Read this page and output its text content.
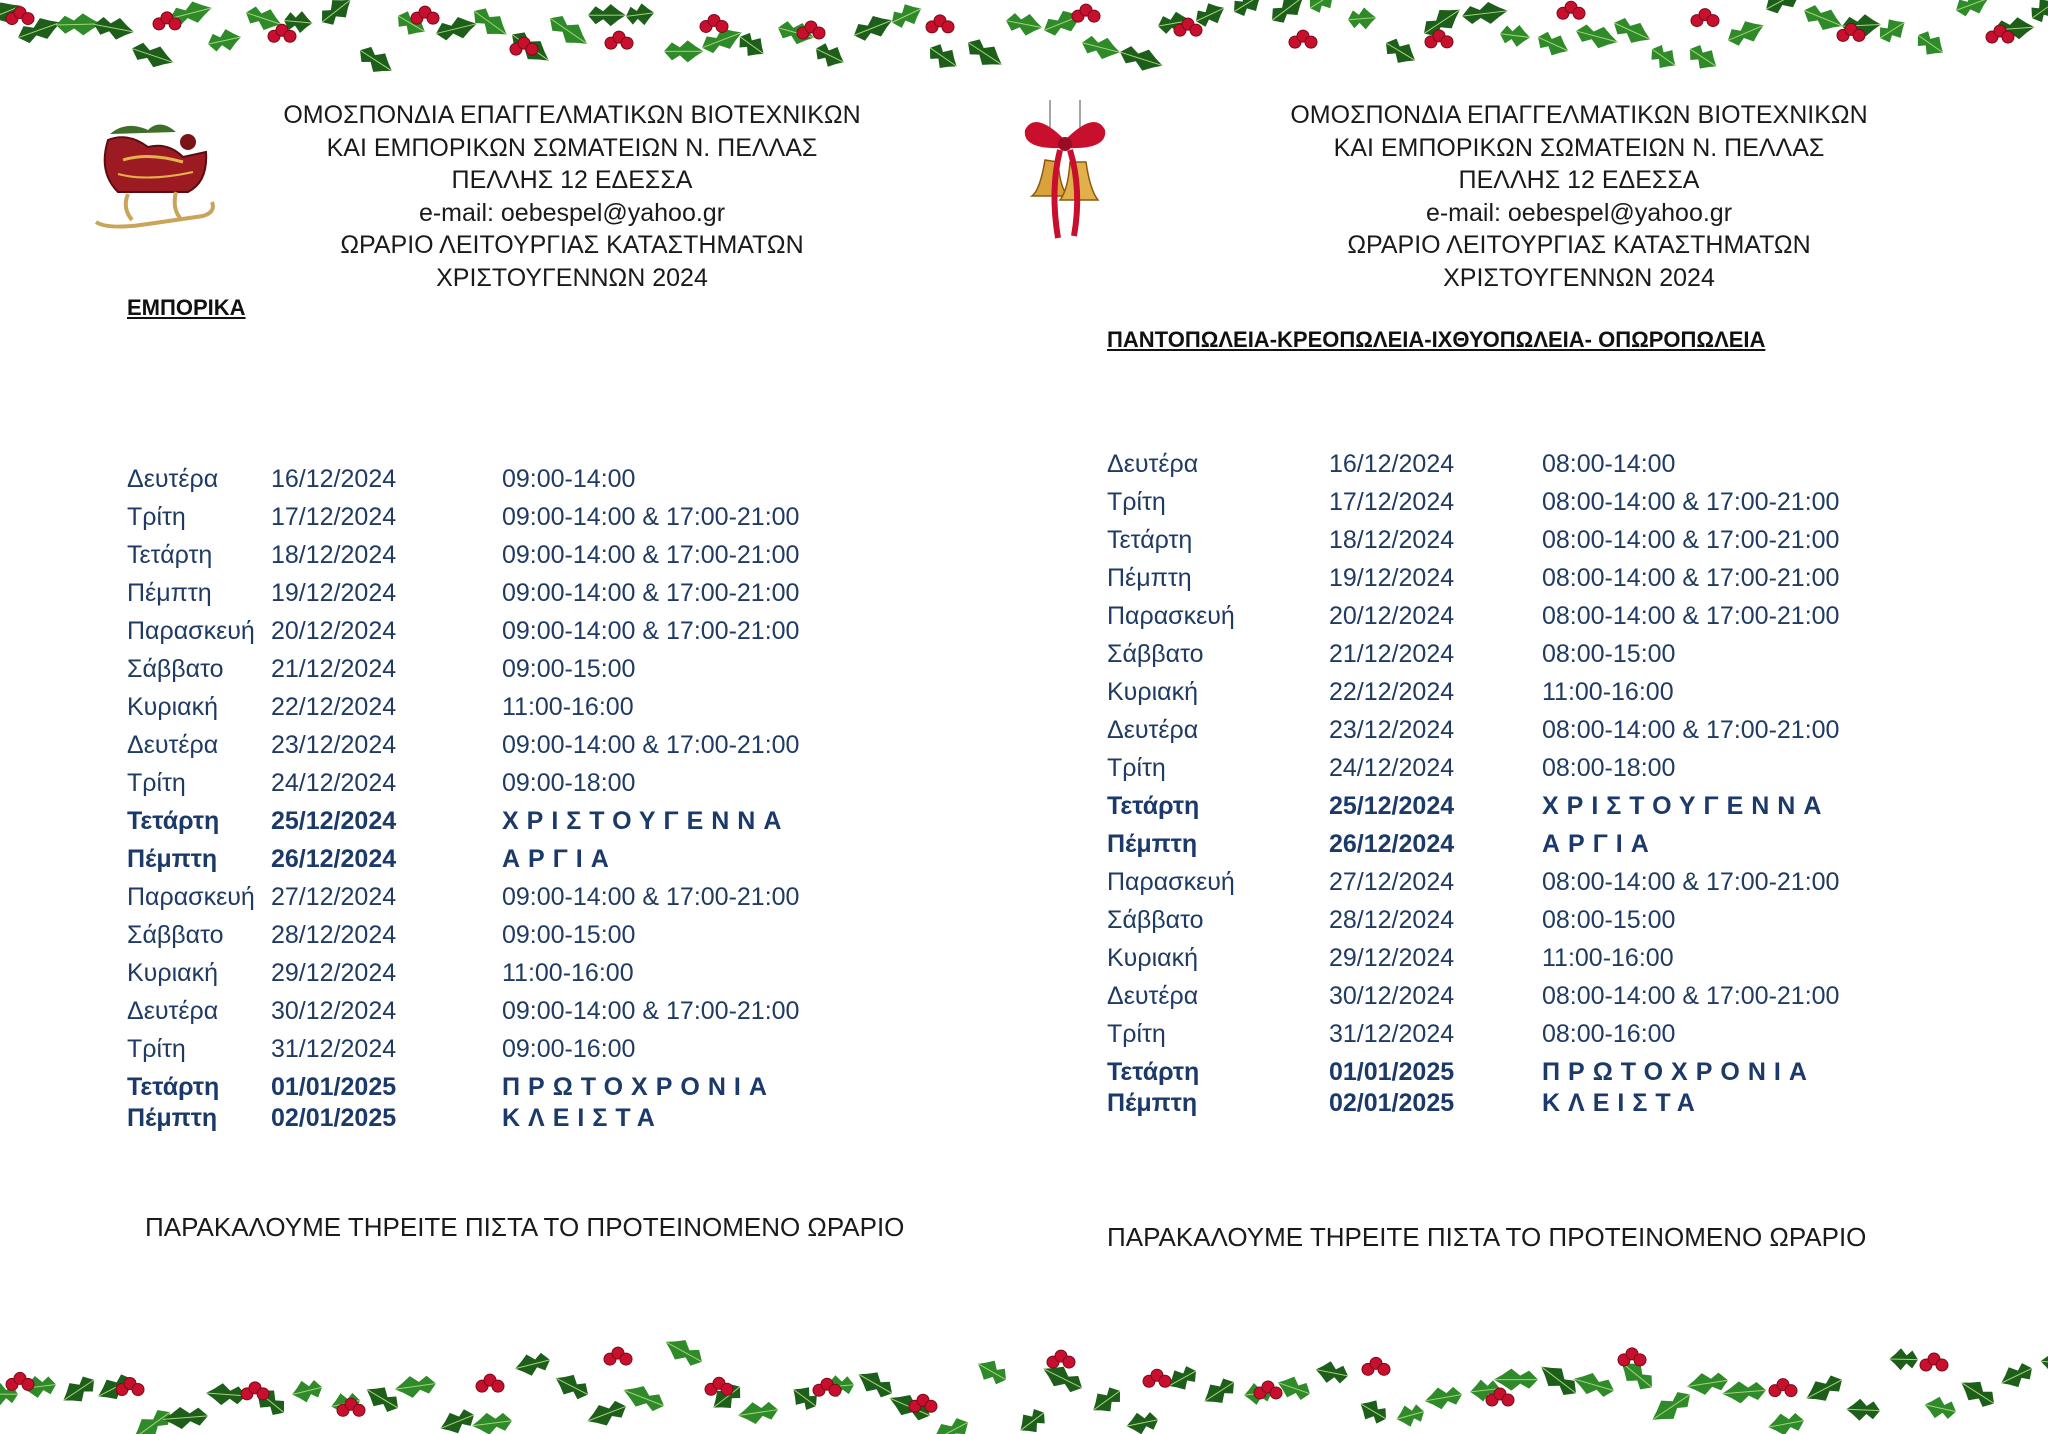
ΟΜΟΣΠΟΝΔΙΑ ΕΠΑΓΓΕΛΜΑΤΙΚΩΝ ΒΙΟΤΕΧΝΙΚΩΝ
ΚΑΙ ΕΜΠΟΡΙΚΩΝ ΣΩΜΑΤΕΙΩΝ Ν. ΠΕΛΛΑΣ
ΠΕΛΛΗΣ 12 ΕΔΕΣΣΑ
e-mail: oebespel@yahoo.gr
ΩΡΑΡΙΟ ΛΕΙΤΟΥΡΓΙΑΣ ΚΑΤΑΣΤΗΜΑΤΩΝ
ΧΡΙΣΤΟΥΓΕΝΝΩΝ 2024
ΕΜΠΟΡΙΚΑ
Δευτέρα 16/12/2024	09:00-14:00
Τρίτη	17/12/2024	09:00-14:00 & 17:00-21:00
Τετάρτη 18/12/2024	09:00-14:00 & 17:00-21:00
Πέμπτη 19/12/2024	09:00-14:00 & 17:00-21:00
Παρασκευή 20/12/2024	09:00-14:00 & 17:00-21:00
Σάββατο 21/12/2024	09:00-15:00
Κυριακή 22/12/2024	11:00-16:00
Δευτέρα 23/12/2024	09:00-14:00 & 17:00-21:00
Τρίτη	24/12/2024	09:00-18:00
Τετάρτη 25/12/2024	ΧΡΙΣΤΟΥΓΕΝΝΑ
Πέμπτη 26/12/2024	ΑΡΓΙΑ
Παρασκευή 27/12/2024	09:00-14:00 & 17:00-21:00
Σάββατο 28/12/2024	09:00-15:00
Κυριακή 29/12/2024	11:00-16:00
Δευτέρα 30/12/2024	09:00-14:00 & 17:00-21:00
Τρίτη	31/12/2024	09:00-16:00
Τετάρτη 01/01/2025	ΠΡΩΤΟΧΡΟΝΙΑ
Πέμπτη 02/01/2025	ΚΛΕΙΣΤΑ
ΠΑΡΑΚΑΛΟΥΜΕ ΤΗΡΕΙΤΕ ΠΙΣΤΑ ΤΟ ΠΡΟΤΕΙΝΟΜΕΝΟ ΩΡΑΡΙΟ
ΟΜΟΣΠΟΝΔΙΑ ΕΠΑΓΓΕΛΜΑΤΙΚΩΝ ΒΙΟΤΕΧΝΙΚΩΝ
ΚΑΙ ΕΜΠΟΡΙΚΩΝ ΣΩΜΑΤΕΙΩΝ Ν. ΠΕΛΛΑΣ
ΠΕΛΛΗΣ 12 ΕΔΕΣΣΑ
e-mail: oebespel@yahoo.gr
ΩΡΑΡΙΟ ΛΕΙΤΟΥΡΓΙΑΣ ΚΑΤΑΣΤΗΜΑΤΩΝ
ΧΡΙΣΤΟΥΓΕΝΝΩΝ 2024
ΠΑΝΤΟΠΩΛΕΙΑ-ΚΡΕΟΠΩΛΕΙΑ-ΙΧΘΥΟΠΩΛΕΙΑ- ΟΠΩΡΟΠΩΛΕΙΑ
Δευτέρα	16/12/2024	08:00-14:00
Τρίτη	17/12/2024	08:00-14:00 & 17:00-21:00
Τετάρτη	18/12/2024	08:00-14:00 & 17:00-21:00
Πέμπτη	19/12/2024	08:00-14:00 & 17:00-21:00
Παρασκευή	20/12/2024	08:00-14:00 & 17:00-21:00
Σάββατο	21/12/2024	08:00-15:00
Κυριακή	22/12/2024	11:00-16:00
Δευτέρα	23/12/2024	08:00-14:00 & 17:00-21:00
Τρίτη	24/12/2024	08:00-18:00
Τετάρτη	25/12/2024	ΧΡΙΣΤΟΥΓΕΝΝΑ
Πέμπτη	26/12/2024	ΑΡΓΙΑ
Παρασκευή	27/12/2024	08:00-14:00 & 17:00-21:00
Σάββατο	28/12/2024	08:00-15:00
Κυριακή	29/12/2024	11:00-16:00
Δευτέρα	30/12/2024	08:00-14:00 & 17:00-21:00
Τρίτη	31/12/2024	08:00-16:00
Τετάρτη	01/01/2025	ΠΡΩΤΟΧΡΟΝΙΑ
Πέμπτη	02/01/2025	ΚΛΕΙΣΤΑ
ΠΑΡΑΚΑΛΟΥΜΕ ΤΗΡΕΙΤΕ ΠΙΣΤΑ ΤΟ ΠΡΟΤΕΙΝΟΜΕΝΟ ΩΡΑΡΙΟ
